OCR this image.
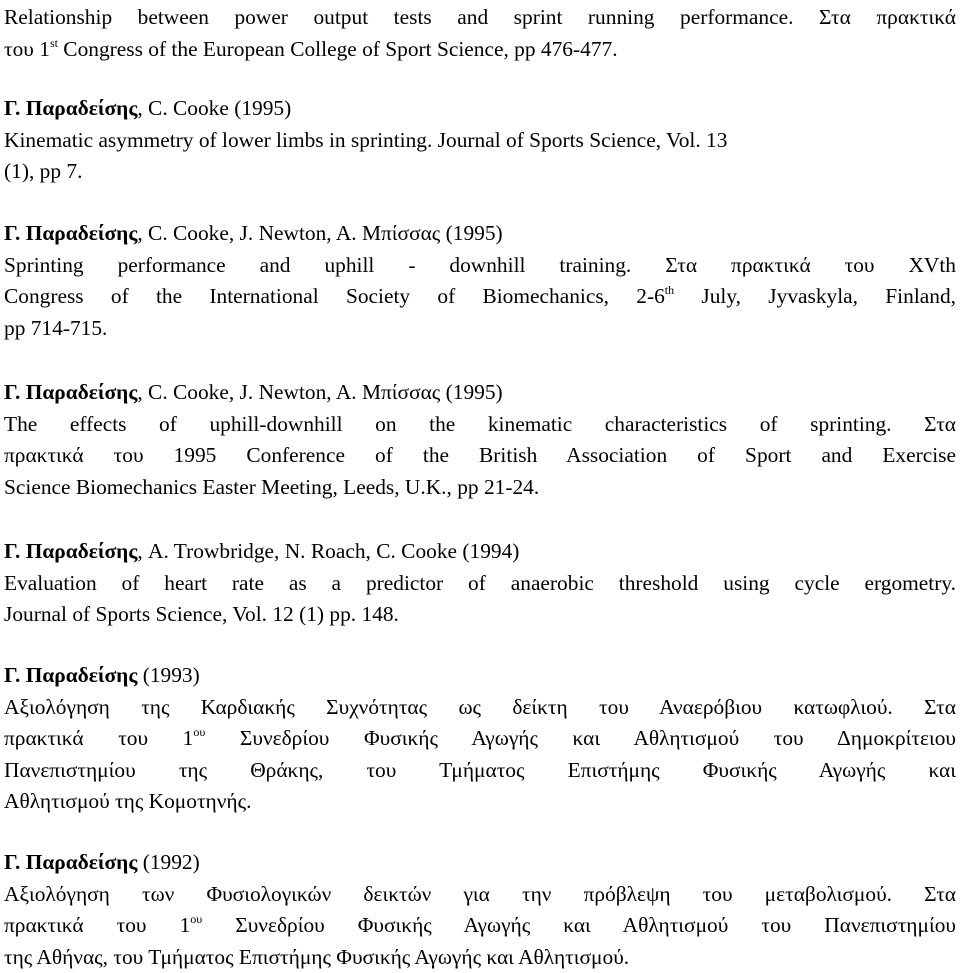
Relationship between power output tests and sprint running performance. Στα πρακτικά
του 1st Congress of the European College of Sport Science, pp 476-477.
Γ. Παραδείσης, C. Cooke (1995)
Kinematic asymmetry of lower limbs in sprinting. Journal of Sports Science, Vol. 13
(1), pp 7.
Γ. Παραδείσης, C. Cooke, J. Newton, A. Μπίσσας (1995)
Sprinting performance and uphill - downhill training. Στα πρακτικά του XVth
Congress of the International Society of Biomechanics, 2-6th July, Jyvaskyla, Finland,
pp 714-715.
Γ. Παραδείσης, C. Cooke, J. Newton, A. Μπίσσας (1995)
The effects of uphill-downhill on the kinematic characteristics of sprinting. Στα
πρακτικά του 1995 Conference of the British Association of Sport and Exercise
Science Biomechanics Easter Meeting, Leeds, U.K., pp 21-24.
Γ. Παραδείσης, A. Trowbridge, N. Roach, C. Cooke (1994)
Evaluation of heart rate as a predictor of anaerobic threshold using cycle ergometry.
Journal of Sports Science, Vol. 12 (1) pp. 148.
Γ. Παραδείσης (1993)
Αξιολόγηση της Καρδιακής Συχνότητας ως δείκτη του Αναερόβιου κατωφλιού. Στα
πρακτικά του $1^{o\upsilon}$ Συνεδρίου Φυσικής Αγωγής και Αθλητισμού του Δημοκρίτειου
Πανεπιστημίου της Θράκης, του Τμήματος Επιστήμης Φυσικής Αγωγής και
Αθλητισμού της Κομοτηνής.
Γ. Παραδείσης (1992)
Αξιολόγηση των Φυσιολογικών δεικτών για την πρόβλεψη του μεταβολισμού. Στα
πρακτικά του $1^{o\upsilon}$ Συνεδρίου Φυσικής Αγωγής και Αθλητισμού του Πανεπιστημίου
της Αθήνας, του Τμήματος Επιστήμης Φυσικής Αγωγής και Αθλητισμού.
